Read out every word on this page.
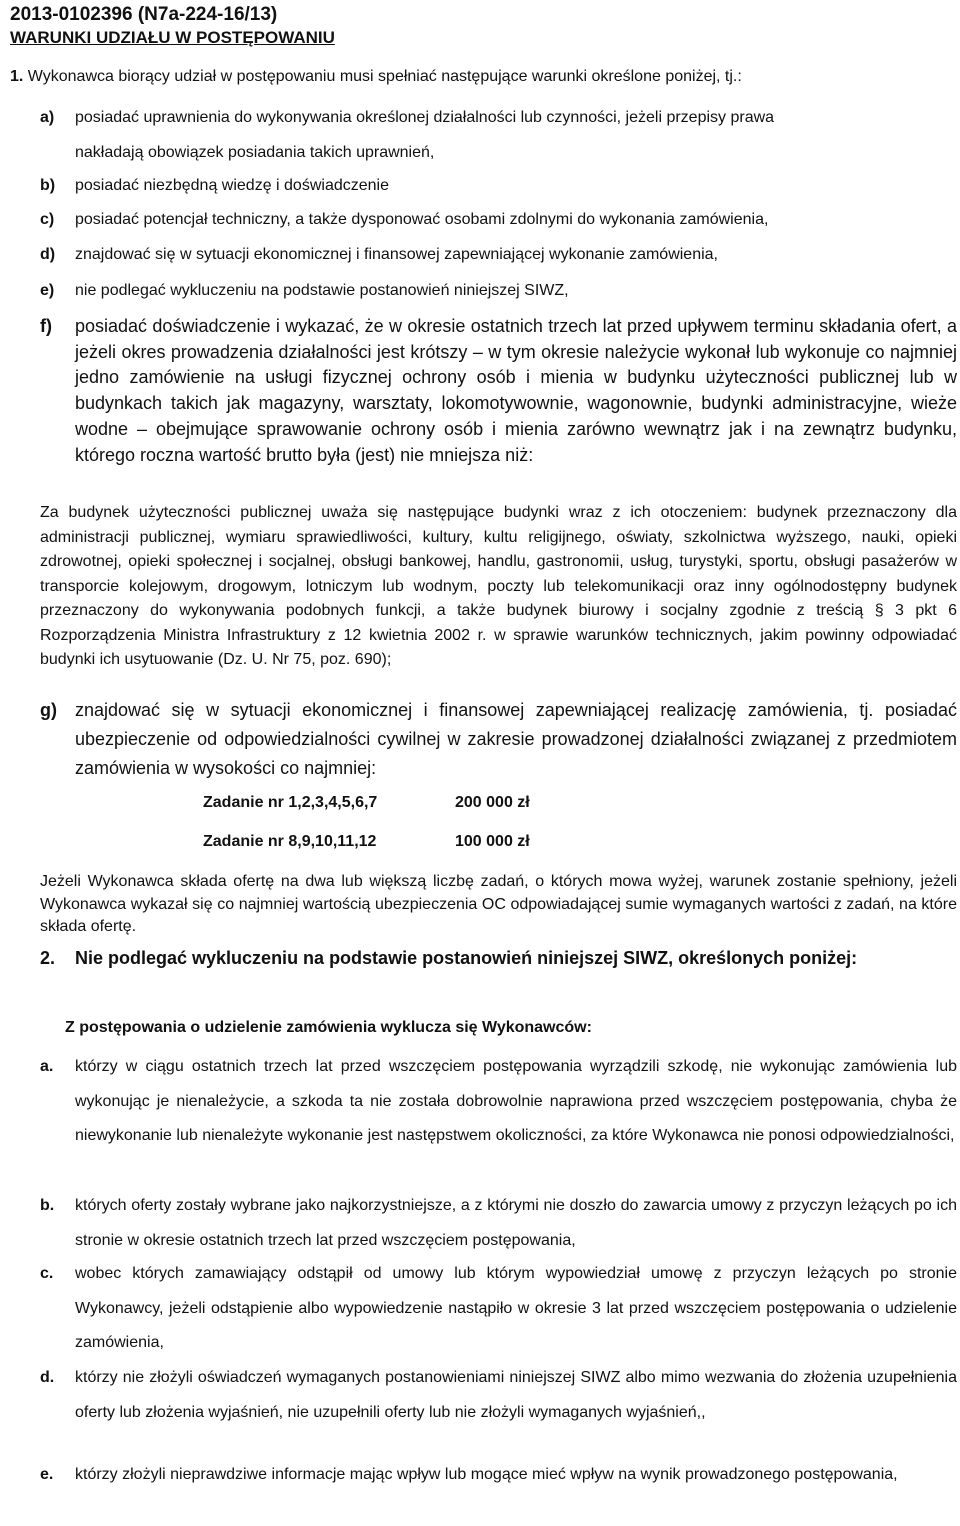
2013-0102396 (N7a-224-16/13)
WARUNKI UDZIAŁU W POSTĘPOWANIU
1. Wykonawca biorący udział w postępowaniu musi spełniać następujące warunki określone poniżej, tj.:
a) posiadać uprawnienia do wykonywania określonej działalności lub czynności, jeżeli przepisy prawa
nakładają obowiązek posiadania takich uprawnień,
b) posiadać niezbędną wiedzę i doświadczenie
c) posiadać potencjał techniczny, a także dysponować osobami zdolnymi do wykonania zamówienia,
d) znajdować się w sytuacji ekonomicznej i finansowej zapewniającej wykonanie zamówienia,
e) nie podlegać wykluczeniu na podstawie postanowień niniejszej SIWZ,
f) posiadać doświadczenie i wykazać, że w okresie ostatnich trzech lat przed upływem terminu składania ofert, a jeżeli okres prowadzenia działalności jest krótszy – w tym okresie należycie wykonał lub wykonuje co najmniej jedno zamówienie na usługi fizycznej ochrony osób i mienia w budynku użyteczności publicznej lub w budynkach takich jak magazyny, warsztaty, lokomotywownie, wagonownie, budynki administracyjne, wieże wodne – obejmujące sprawowanie ochrony osób i mienia zarówno wewnątrz jak i na zewnątrz budynku, którego roczna wartość brutto była (jest) nie mniejsza niż:
Za budynek użyteczności publicznej uważa się następujące budynki wraz z ich otoczeniem: budynek przeznaczony dla administracji publicznej, wymiaru sprawiedliwości, kultury, kultu religijnego, oświaty, szkolnictwa wyższego, nauki, opieki zdrowotnej, opieki społecznej i socjalnej, obsługi bankowej, handlu, gastronomii, usług, turystyki, sportu, obsługi pasażerów w transporcie kolejowym, drogowym, lotniczym lub wodnym, poczty lub telekomunikacji oraz inny ogólnodostępny budynek przeznaczony do wykonywania podobnych funkcji, a także budynek biurowy i socjalny zgodnie z treścią § 3 pkt 6 Rozporządzenia Ministra Infrastruktury z 12 kwietnia 2002 r. w sprawie warunków technicznych, jakim powinny odpowiadać budynki ich usytuowanie (Dz. U. Nr 75, poz. 690);
g) znajdować się w sytuacji ekonomicznej i finansowej zapewniającej realizację zamówienia, tj. posiadać ubezpieczenie od odpowiedzialności cywilnej w zakresie prowadzonej działalności związanej z przedmiotem zamówienia w wysokości co najmniej:
Zadanie nr 1,2,3,4,5,6,7	200 000 zł
Zadanie nr 8,9,10,11,12	100 000 zł
Jeżeli Wykonawca składa ofertę na dwa lub większą liczbę zadań, o których mowa wyżej, warunek zostanie spełniony, jeżeli Wykonawca wykazał się co najmniej wartością ubezpieczenia OC odpowiadającej sumie wymaganych wartości z zadań, na które składa ofertę.
2. Nie podlegać wykluczeniu na podstawie postanowień niniejszej SIWZ, określonych poniżej:
Z postępowania o udzielenie zamówienia wyklucza się Wykonawców:
a. którzy w ciągu ostatnich trzech lat przed wszczęciem postępowania wyrządzili szkodę, nie wykonując zamówienia lub wykonując je nienależycie, a szkoda ta nie została dobrowolnie naprawiona przed wszczęciem postępowania, chyba że niewykonanie lub nienależyte wykonanie jest następstwem okoliczności, za które Wykonawca nie ponosi odpowiedzialności,
b. których oferty zostały wybrane jako najkorzystniejsze, a z którymi nie doszło do zawarcia umowy z przyczyn leżących po ich stronie w okresie ostatnich trzech lat przed wszczęciem postępowania,
c. wobec których zamawiający odstąpił od umowy lub którym wypowiedział umowę z przyczyn leżących po stronie Wykonawcy, jeżeli odstąpienie albo wypowiedzenie nastąpiło w okresie 3 lat przed wszczęciem postępowania o udzielenie zamówienia,
d. którzy nie złożyli oświadczeń wymaganych postanowieniami niniejszej SIWZ albo mimo wezwania do złożenia uzupełnienia oferty lub złożenia wyjaśnień, nie uzupełnili oferty lub nie złożyli wymaganych wyjaśnień,,
e. którzy złożyli nieprawdziwe informacje mając wpływ lub mogące mieć wpływ na wynik prowadzonego postępowania,
